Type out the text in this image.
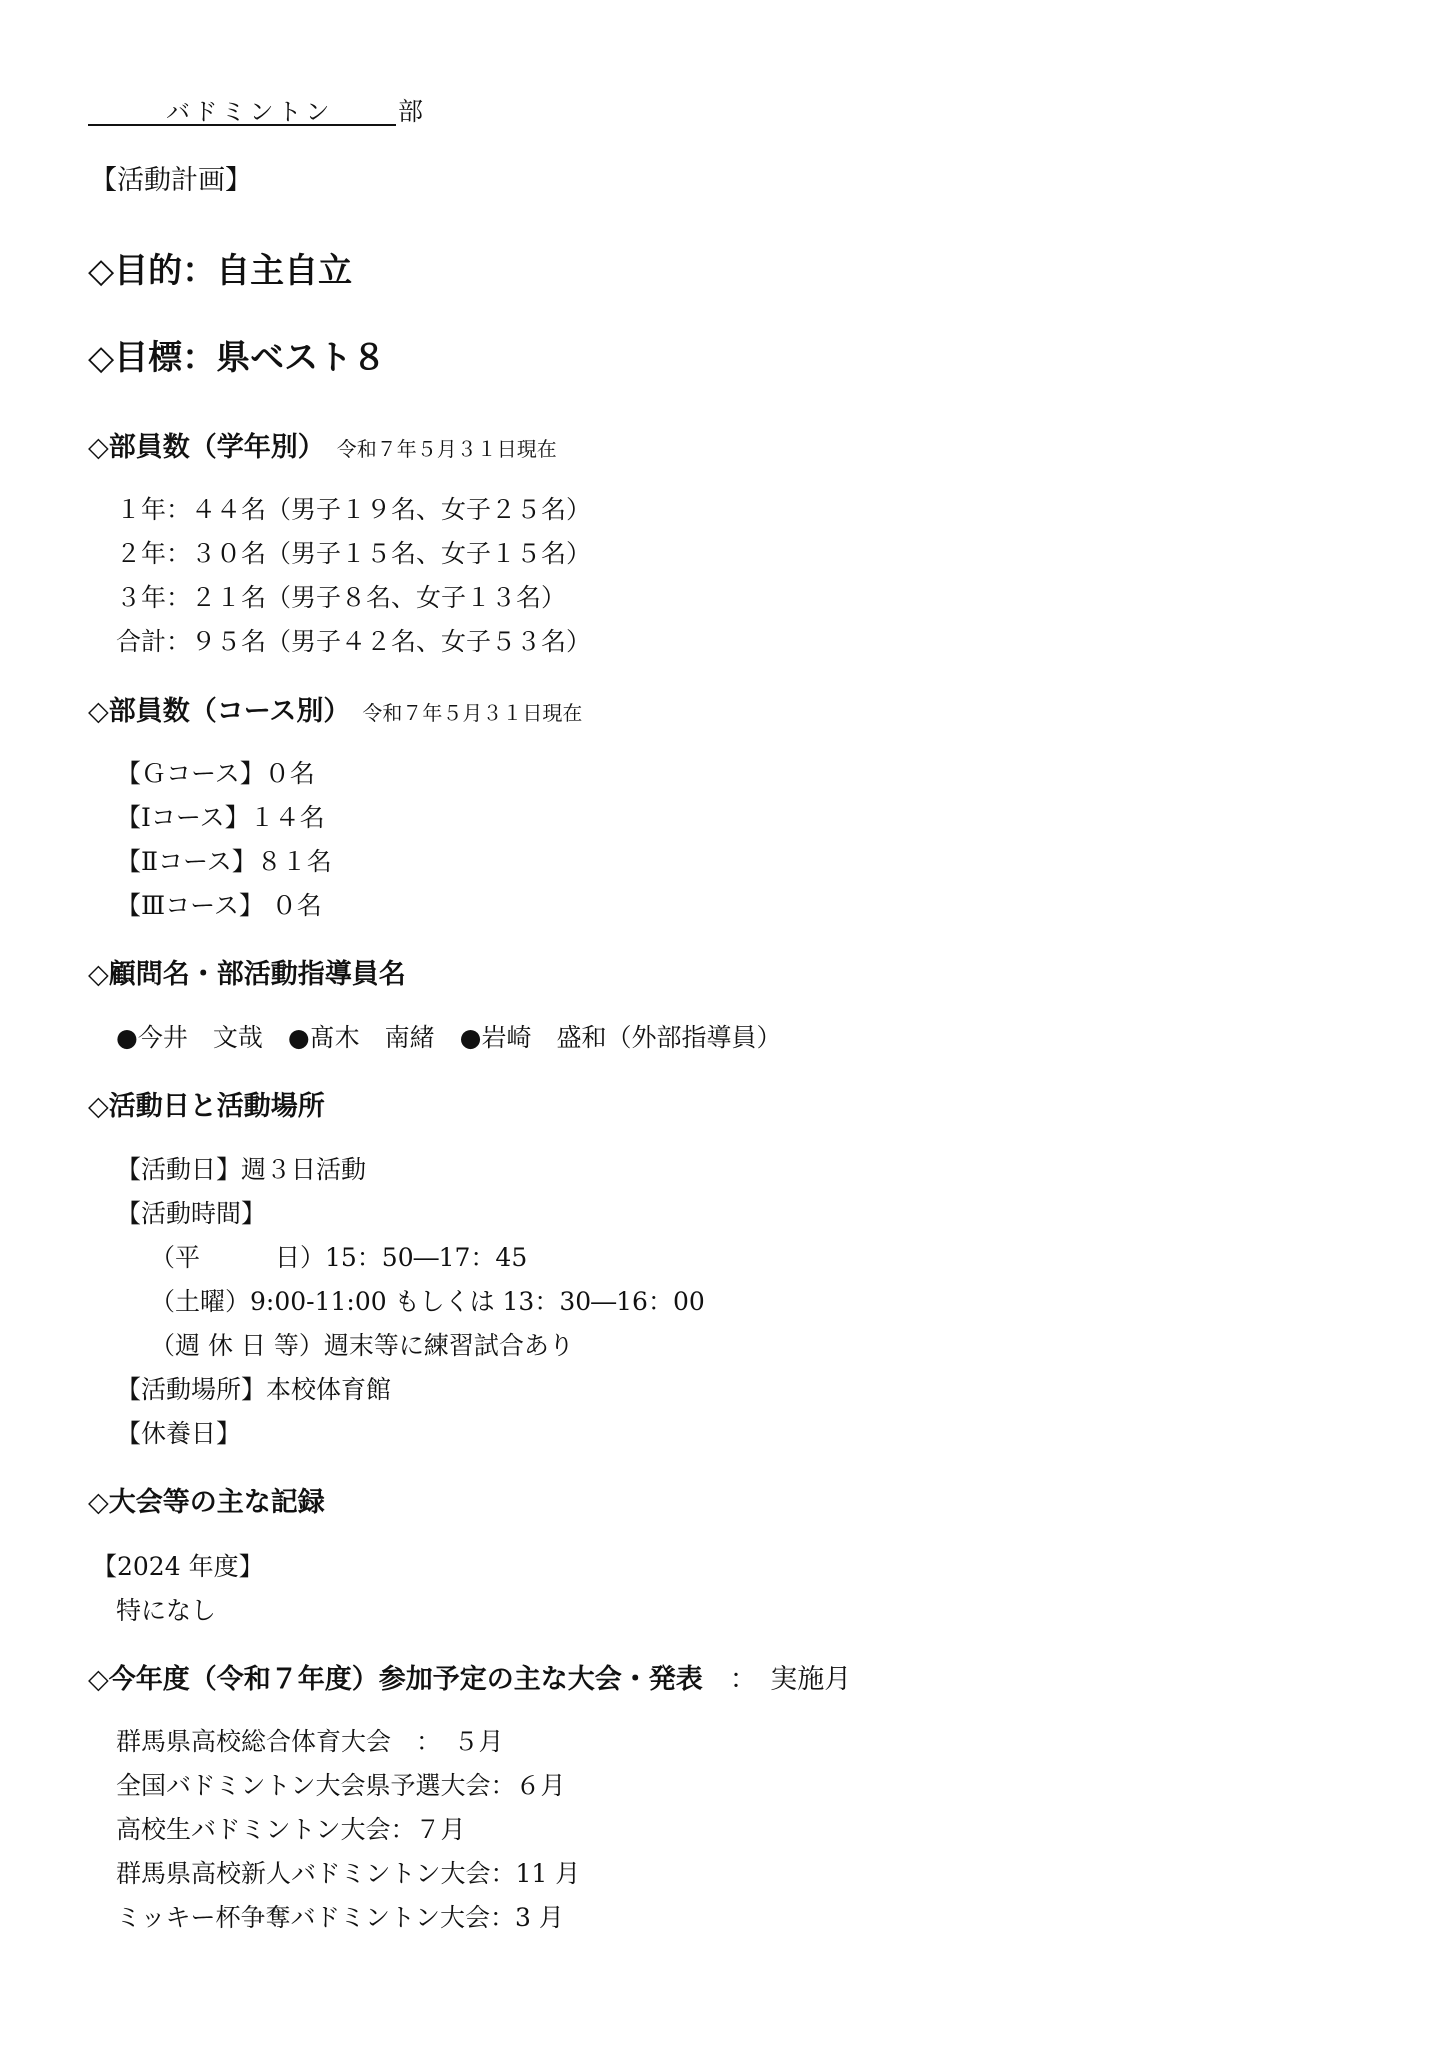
バドミントン	部
【活動計画】
◇目的：自主自立
◇目標：県ベスト８
◇部員数（学年別） 令和７年５月３１日現在
１年：４４名（男子１９名、女子２５名）
２年：３０名（男子１５名、女子１５名）
３年：２１名（男子８名、女子１３名）
合計：９５名（男子４２名、女子５３名）
◇部員数（コース別） 令和７年５月３１日現在
【Ｇコース】０名
【Ⅰコース】１４名
【Ⅱコース】８１名
【Ⅲコース】 ０名
◇顧問名・部活動指導員名
●今井　文哉　●髙木　南緒　●岩崎　盛和（外部指導員）
◇活動日と活動場所
【活動日】週３日活動
【活動時間】
（平　　　日）15：50―17：45
（土曜）9:00-11:00 もしくは 13：30―16：00
（週 休 日 等）週末等に練習試合あり
【活動場所】本校体育館
【休養日】
◇大会等の主な記録
【2024 年度】
特になし
◇今年度（令和７年度）参加予定の主な大会・発表　：　実施月
群馬県高校総合体育大会　：　５月
全国バドミントン大会県予選大会：６月
高校生バドミントン大会：７月
群馬県高校新人バドミントン大会：11 月
ミッキー杯争奪バドミントン大会：3 月
